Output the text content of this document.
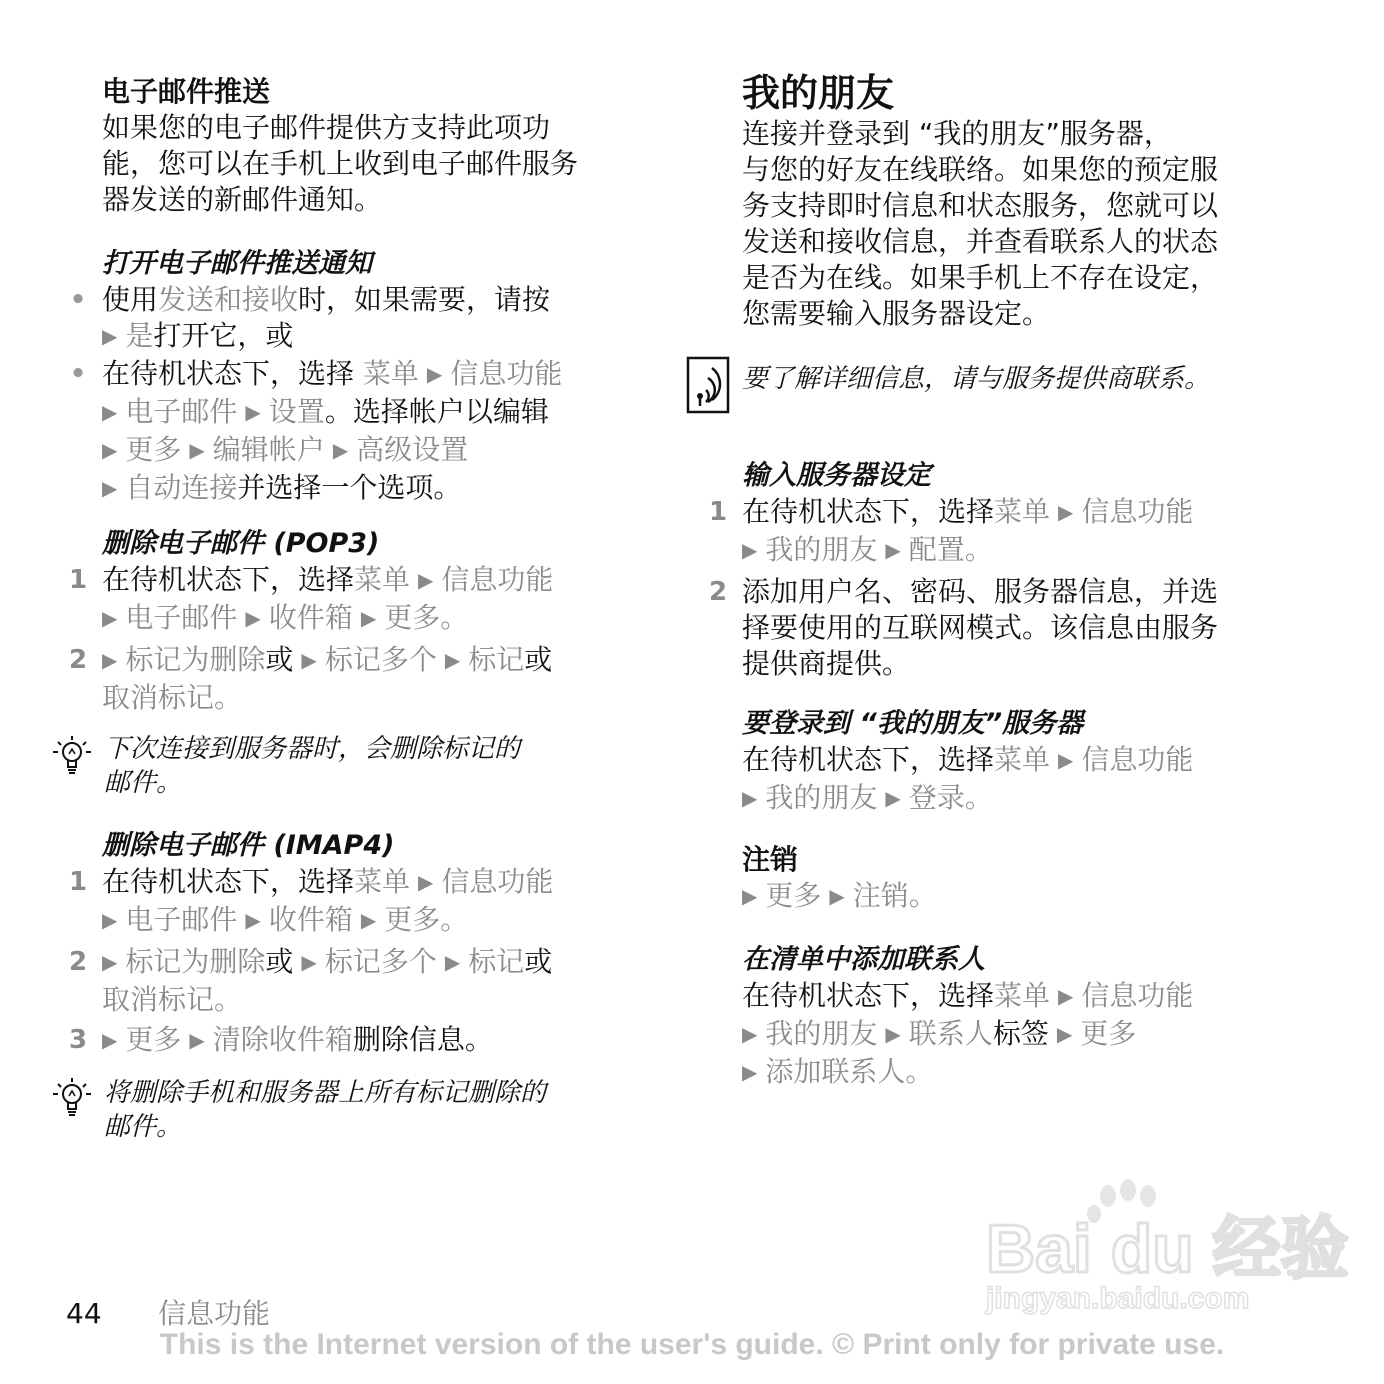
电子邮件推送

如果您的电子邮件提供方支持此项功

能，您可以在手机上收到电子邮件服务

器发送的新邮件通知。

打开电子邮件推送通知
• 使用发送和接收时，如果需要，请按
▶ 是打开它，或
• 在待机状态下，选择 菜单 ▶ 信息功能
▶ 电子邮件 ▶ 设置。选择帐户以编辑
▶ 更多 ▶ 编辑帐户 ▶ 高级设置
▶ 自动连接并选择一个选项。
删除电子邮件 (POP3)
1 在待机状态下，选择菜单 ▶ 信息功能
▶ 电子邮件 ▶ 收件箱 ▶ 更多。
2 ▶ 标记为删除或 ▶ 标记多个 ▶ 标记或
取消标记。

下次连接到服务器时，会删除标记的

邮件。

删除电子邮件 (IMAP4)
1 在待机状态下，选择菜单 ▶ 信息功能
▶ 电子邮件 ▶ 收件箱 ▶ 更多。
2 ▶ 标记为删除或 ▶ 标记多个 ▶ 标记或
取消标记。
3 ▶ 更多 ▶ 清除收件箱删除信息。

将删除手机和服务器上所有标记删除的

邮件。

我的朋友

连接并登录到 “我的朋友”服务器，

与您的好友在线联络。如果您的预定服

务支持即时信息和状态服务，您就可以

发送和接收信息，并查看联系人的状态

是否为在线。如果手机上不存在设定，

您需要输入服务器设定。

要了解详细信息，请与服务提供商联系。

输入服务器设定
1 在待机状态下，选择菜单 ▶ 信息功能
▶ 我的朋友 ▶ 配置。
2 添加用户名、密码、服务器信息，并选
择要使用的互联网模式。该信息由服务
提供商提供。
要登录到 “我的朋友”服务器
在待机状态下，选择菜单 ▶ 信息功能
▶ 我的朋友 ▶ 登录。
注销
▶ 更多 ▶ 注销。
在清单中添加联系人
在待机状态下，选择菜单 ▶ 信息功能
▶ 我的朋友 ▶ 联系人标签 ▶ 更多
▶ 添加联系人。
Bai du 经验
jingyan.baidu.com
44 信息功能
This is the Internet version of the user's guide. © Print only for private use.
